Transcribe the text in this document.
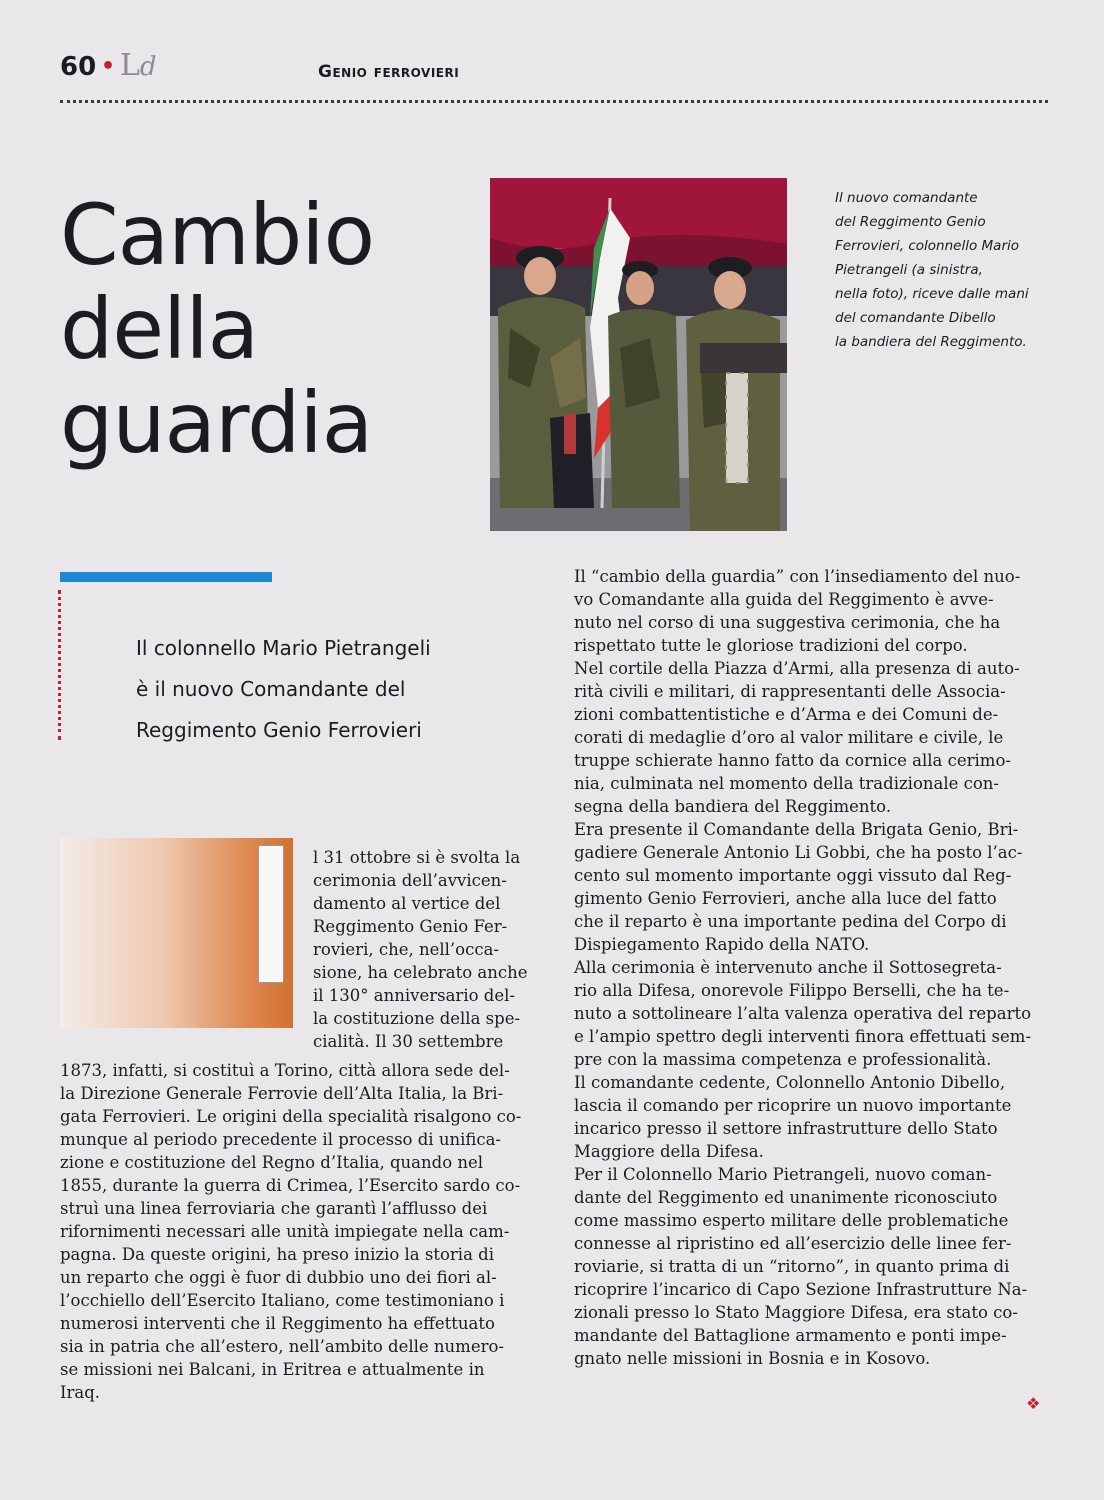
60 • Ld	Genio ferrovieri
Cambio
della
guardia
Il nuovo comandante
del Reggimento Genio
Ferrovieri, colonnello Mario
Pietrangeli (a sinistra,
nella foto), riceve dalle mani
del comandante Dibello
la bandiera del Reggimento.
Il colonnello Mario Pietrangeli
è il nuovo Comandante del
Reggimento Genio Ferrovieri
l 31 ottobre si è svolta la
cerimonia dell’avvicen-
damento al vertice del
Reggimento Genio Fer-
rovieri, che, nell’occa-
sione, ha celebrato anche
il 130° anniversario del-
la costituzione della spe-
cialità. Il 30 settembre
1873, infatti, si costituì a Torino, città allora sede del-
la Direzione Generale Ferrovie dell’Alta Italia, la Bri-
gata Ferrovieri. Le origini della specialità risalgono co-
munque al periodo precedente il processo di unifica-
zione e costituzione del Regno d’Italia, quando nel
1855, durante la guerra di Crimea, l’Esercito sardo co-
struì una linea ferroviaria che garantì l’afflusso dei
rifornimenti necessari alle unità impiegate nella cam-
pagna. Da queste origini, ha preso inizio la storia di
un reparto che oggi è fuor di dubbio uno dei fiori al-
l’occhiello dell’Esercito Italiano, come testimoniano i
numerosi interventi che il Reggimento ha effettuato
sia in patria che all’estero, nell’ambito delle numero-
se missioni nei Balcani, in Eritrea e attualmente in
Iraq.
Il “cambio della guardia” con l’insediamento del nuo-
vo Comandante alla guida del Reggimento è avve-
nuto nel corso di una suggestiva cerimonia, che ha
rispettato tutte le gloriose tradizioni del corpo.
Nel cortile della Piazza d’Armi, alla presenza di auto-
rità civili e militari, di rappresentanti delle Associa-
zioni combattentistiche e d’Arma e dei Comuni de-
corati di medaglie d’oro al valor militare e civile, le
truppe schierate hanno fatto da cornice alla cerimo-
nia, culminata nel momento della tradizionale con-
segna della bandiera del Reggimento.
Era presente il Comandante della Brigata Genio, Bri-
gadiere Generale Antonio Li Gobbi, che ha posto l’ac-
cento sul momento importante oggi vissuto dal Reg-
gimento Genio Ferrovieri, anche alla luce del fatto
che il reparto è una importante pedina del Corpo di
Dispiegamento Rapido della NATO.
Alla cerimonia è intervenuto anche il Sottosegreta-
rio alla Difesa, onorevole Filippo Berselli, che ha te-
nuto a sottolineare l’alta valenza operativa del reparto
e l’ampio spettro degli interventi finora effettuati sem-
pre con la massima competenza e professionalità.
Il comandante cedente, Colonnello Antonio Dibello,
lascia il comando per ricoprire un nuovo importante
incarico presso il settore infrastrutture dello Stato
Maggiore della Difesa.
Per il Colonnello Mario Pietrangeli, nuovo coman-
dante del Reggimento ed unanimente riconosciuto
come massimo esperto militare delle problematiche
connesse al ripristino ed all’esercizio delle linee fer-
roviarie, si tratta di un “ritorno”, in quanto prima di
ricoprire l’incarico di Capo Sezione Infrastrutture Na-
zionali presso lo Stato Maggiore Difesa, era stato co-
mandante del Battaglione armamento e ponti impe-
gnato nelle missioni in Bosnia e in Kosovo.
❖
